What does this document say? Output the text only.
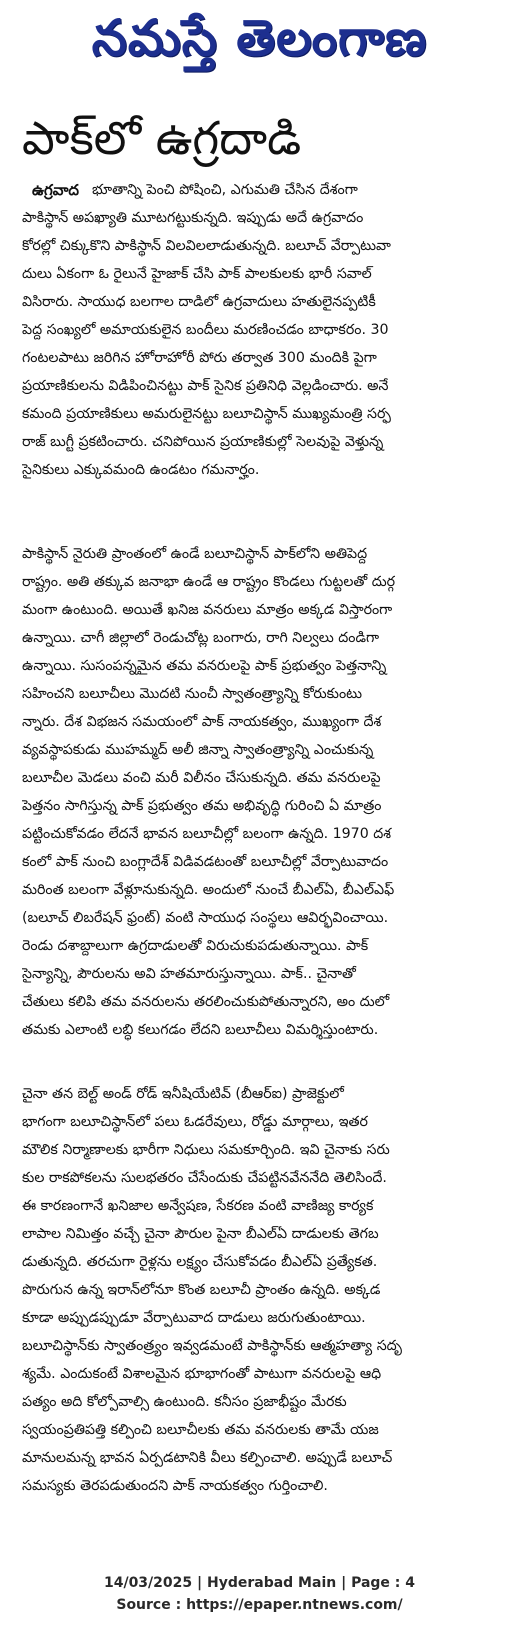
నమస్తే తెలంగాణ
పాక్‌లో ఉగ్రదాడి
ఉగ్రవాద భూతాన్ని పెంచి పోషించి, ఎగుమతి చేసిన దేశంగా
పాకిస్థాన్ అపఖ్యాతి మూటగట్టుకున్నది. ఇప్పుడు అదే ఉగ్రవాదం
కోరల్లో చిక్కుకొని పాకిస్థాన్ విలవిలలాడుతున్నది. బలూచ్ వేర్పాటువా
దులు ఏకంగా ఓ రైలునే హైజాక్ చేసి పాక్ పాలకులకు భారీ సవాల్
విసిరారు. సాయుధ బలగాల దాడిలో ఉగ్రవాదులు హతులైనప్పటికీ
పెద్ద సంఖ్యలో అమాయకులైన బందీలు మరణించడం బాధాకరం. 30
గంటలపాటు జరిగిన హోరాహోరీ పోరు తర్వాత 300 మందికి పైగా
ప్రయాణికులను విడిపించినట్టు పాక్ సైనిక ప్రతినిధి వెల్లడించారు. అనే
కమంది ప్రయాణికులు అమరులైనట్టు బలూచిస్థాన్ ముఖ్యమంత్రి సర్ఫ
రాజ్ బుగ్టీ ప్రకటించారు. చనిపోయిన ప్రయాణికుల్లో సెలవుపై వెళ్తున్న
సైనికులు ఎక్కువమంది ఉండటం గమనార్హం.
పాకిస్థాన్ నైరుతి ప్రాంతంలో ఉండే బలూచిస్థాన్ పాక్‌లోని అతిపెద్ద
రాష్ట్రం. అతి తక్కువ జనాభా ఉండే ఆ రాష్ట్రం కొండలు గుట్టలతో దుర్గ
మంగా ఉంటుంది. అయితే ఖనిజ వనరులు మాత్రం అక్కడ విస్తారంగా
ఉన్నాయి. చాగీ జిల్లాలో రెండుచోట్ల బంగారు, రాగి నిల్వలు దండిగా
ఉన్నాయి. సుసంపన్నమైన తమ వనరులపై పాక్ ప్రభుత్వం పెత్తనాన్ని
సహించని బలూచీలు మొదటి నుంచీ స్వాతంత్ర్యాన్ని కోరుకుంటు
న్నారు. దేశ విభజన సమయంలో పాక్ నాయకత్వం, ముఖ్యంగా దేశ
వ్యవస్థాపకుడు ముహమ్మద్ అలీ జిన్నా స్వాతంత్ర్యాన్ని ఎంచుకున్న
బలూచీల మెడలు వంచి మరీ విలీనం చేసుకున్నది. తమ వనరులపై
పెత్తనం సాగిస్తున్న పాక్ ప్రభుత్వం తమ అభివృద్ధి గురించి ఏ మాత్రం
పట్టించుకోవడం లేదనే భావన బలూచీల్లో బలంగా ఉన్నది. 1970 దశ
కంలో పాక్ నుంచి బంగ్లాదేశ్ విడివడటంతో బలూచీల్లో వేర్పాటువాదం
మరింత బలంగా వేళ్లూనుకున్నది. అందులో నుంచే బీఎల్ఏ, బీఎల్ఎఫ్
(బలూచ్ లిబరేషన్ ఫ్రంట్) వంటి సాయుధ సంస్థలు ఆవిర్భవించాయి.
రెండు దశాబ్దాలుగా ఉగ్రదాడులతో విరుచుకుపడుతున్నాయి. పాక్
సైన్యాన్ని, పౌరులను అవి హతమారుస్తున్నాయి. పాక్.. చైనాతో
చేతులు కలిపి తమ వనరులను తరలించుకుపోతున్నారని, అం దులో
తమకు ఎలాంటి లబ్ధి కలుగడం లేదని బలూచీలు విమర్శిస్తుంటారు.
చైనా తన బెల్ట్ అండ్ రోడ్ ఇనీషియేటివ్ (బీఆర్ఐ) ప్రాజెక్టులో
భాగంగా బలూచిస్థాన్‌లో పలు ఓడరేవులు, రోడ్డు మార్గాలు, ఇతర
మౌలిక నిర్మాణాలకు భారీగా నిధులు సమకూర్చింది. ఇవి చైనాకు సరు
కుల రాకపోకలను సులభతరం చేసేందుకు చేపట్టినవేననేది తెలిసిందే.
ఈ కారణంగానే ఖనిజాల అన్వేషణ, సేకరణ వంటి వాణిజ్య కార్యక
లాపాల నిమిత్తం వచ్చే చైనా పౌరుల పైనా బీఎల్ఏ దాడులకు తెగబ
డుతున్నది. తరచుగా రైళ్లను లక్ష్యం చేసుకోవడం బీఎల్ఏ ప్రత్యేకత.
పొరుగున ఉన్న ఇరాన్‌లోనూ కొంత బలూచీ ప్రాంతం ఉన్నది. అక్కడ
కూడా అప్పుడప్పుడూ వేర్పాటువాద దాడులు జరుగుతుంటాయి.
బలూచిస్థాన్‌కు స్వాతంత్ర్యం ఇవ్వడమంటే పాకిస్థాన్‌కు ఆత్మహత్యా సదృ
శ్యమే. ఎందుకంటే విశాలమైన భూభాగంతో పాటుగా వనరులపై ఆధి
పత్యం అది కోల్పోవాల్సి ఉంటుంది. కనీసం ప్రజాభీష్టం మేరకు
స్వయంప్రతిపత్తి కల్పించి బలూచీలకు తమ వనరులకు తామే యజ
మానులమన్న భావన ఏర్పడటానికి వీలు కల్పించాలి. అప్పుడే బలూచ్
సమస్యకు తెరపడుతుందని పాక్ నాయకత్వం గుర్తించాలి.
14/03/2025 | Hyderabad Main | Page : 4
Source : https://epaper.ntnews.com/
